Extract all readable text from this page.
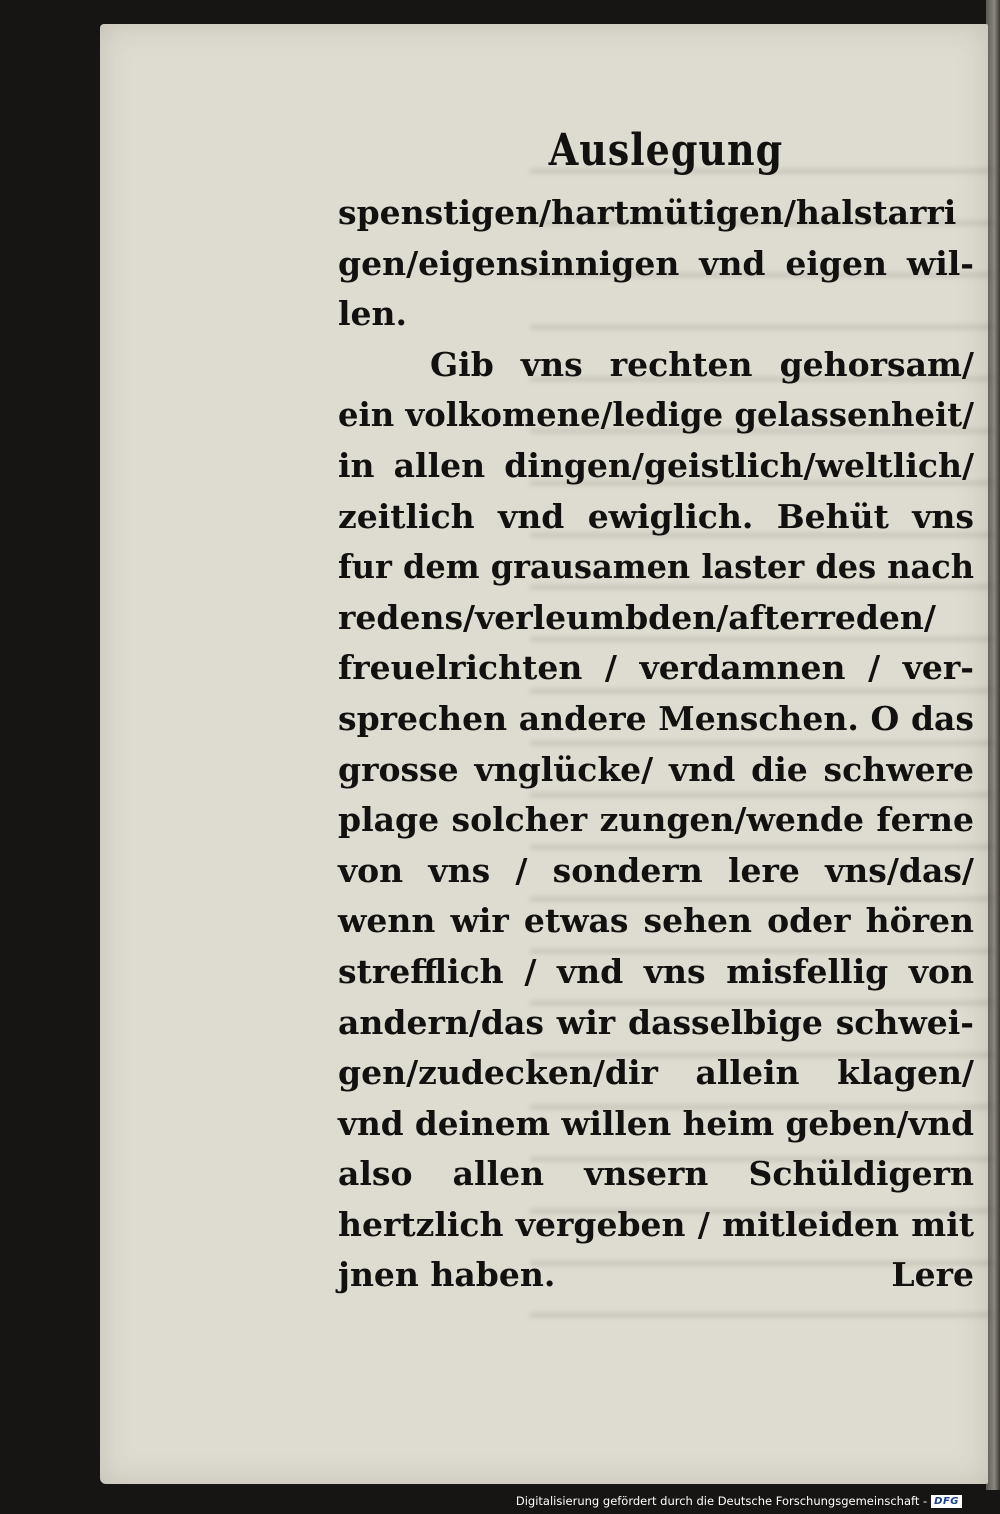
Auslegung
spenstigen/hartmütigen/halstarri
gen/eigensinnigen vnd eigen wil-
len.
Gib vns rechten gehorsam/
ein volkomene/ledige gelassenheit/
in allen dingen/geistlich/weltlich/
zeitlich vnd ewiglich. Behüt vns
fur dem grausamen laster des nach
redens/verleumbden/afterreden/
freuelrichten / verdamnen / ver-
sprechen andere Menschen. O das
grosse vnglücke/ vnd die schwere
plage solcher zungen/wende ferne
von vns / sondern lere vns/das/
wenn wir etwas sehen oder hören
strefflich / vnd vns misfellig von
andern/das wir dasselbige schwei-
gen/zudecken/dir allein klagen/
vnd deinem willen heim geben/vnd
also allen vnsern Schüldigern
hertzlich vergeben / mitleiden mit
jnen haben.	Lere
Digitalisierung gefördert durch die Deutsche Forschungsgemeinschaft - DFG
